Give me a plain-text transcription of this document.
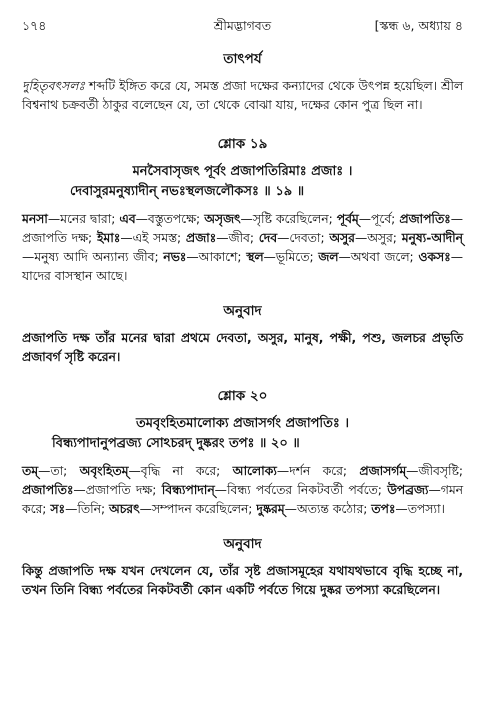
১৭৪	শ্রীমদ্ভাগবত	[স্কন্ধ ৬, অধ্যায় ৪
তাৎপর্য

দুহিতৃবৎসলঃ শব্দটি ইঙ্গিত করে যে, সমস্ত প্রজা দক্ষের কন্যাদের থেকে উৎপন্ন হয়েছিল। শ্রীল বিশ্বনাথ চক্রবর্তী ঠাকুর বলেছেন যে, তা থেকে বোঝা যায়, দক্ষের কোন পুত্র ছিল না।

শ্লোক ১৯
মনসৈবাসৃজৎ পূর্বং প্রজাপতিরিমাঃ প্রজাঃ ।
দেবাসুরমনুষ্যাদীন্ নভঃস্থলজলৌকসঃ ॥ ১৯ ॥

মনসা—মনের দ্বারা; এব—বস্তুতপক্ষে; অসৃজৎ—সৃষ্টি করেছিলেন; পূর্বম্—পূর্বে; প্রজাপতিঃ—প্রজাপতি দক্ষ; ইমাঃ—এই সমস্ত; প্রজাঃ—জীব; দেব—দেবতা; অসুর—অসুর; মনুষ্য-আদীন্—মনুষ্য আদি অন্যান্য জীব; নভঃ—আকাশে; স্থল—ভূমিতে; জল—অথবা জলে; ওকসঃ—যাদের বাসস্থান আছে।

অনুবাদ

প্রজাপতি দক্ষ তাঁর মনের দ্বারা প্রথমে দেবতা, অসুর, মানুষ, পক্ষী, পশু, জলচর প্রভৃতি প্রজাবর্গ সৃষ্টি করেন।

শ্লোক ২০
তমবৃংহিতমালোক্য প্রজাসর্গং প্রজাপতিঃ ।
বিন্ধ্যপাদানুপব্রজ্য সোঽচরদ্ দুষ্করং তপঃ ॥ ২০ ॥

তম্—তা; অবৃংহিতম্—বৃদ্ধি না করে; আলোক্য—দর্শন করে; প্রজাসর্গম্—জীবসৃষ্টি; প্রজাপতিঃ—প্রজাপতি দক্ষ; বিন্ধ্যপাদান্—বিন্ধ্য পর্বতের নিকটবর্তী পর্বতে; উপব্রজ্য—গমন করে; সঃ—তিনি; অচরৎ—সম্পাদন করেছিলেন; দুষ্করম্—অত্যন্ত কঠোর; তপঃ—তপস্যা।

অনুবাদ

কিন্তু প্রজাপতি দক্ষ যখন দেখলেন যে, তাঁর সৃষ্ট প্রজাসমূহের যথাযথভাবে বৃদ্ধি হচ্ছে না, তখন তিনি বিন্ধ্য পর্বতের নিকটবর্তী কোন একটি পর্বতে গিয়ে দুষ্কর তপস্যা করেছিলেন।
